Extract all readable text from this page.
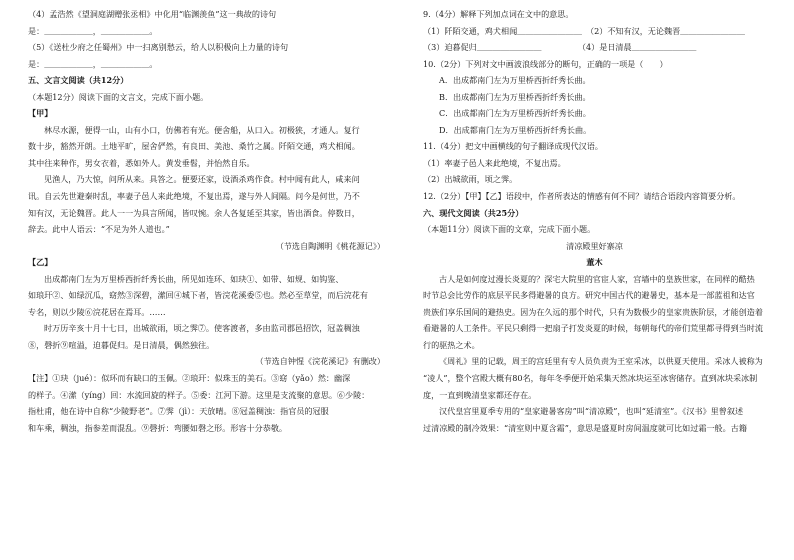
（4）孟浩然《望洞庭湖赠张丞相》中化用“临渊羡鱼”这一典故的诗句
是：＿＿＿＿＿＿，＿＿＿＿＿＿。
（5）《送杜少府之任蜀州》中一扫离别愁云，给人以积极向上力量的诗句
是：＿＿＿＿＿＿，＿＿＿＿＿＿。
五、文言文阅读（共12分）
（本题12分）阅读下面的文言文，完成下面小题。
【甲】
林尽水源，便得一山，山有小口，仿佛若有光。便舍船，从口入。初极狭，才通人。复行
数十步，豁然开朗。土地平旷，屋舍俨然，有良田、美池、桑竹之属。阡陌交通，鸡犬相闻。
其中往来种作，男女衣着，悉如外人。黄发垂髫，并怡然自乐。
见渔人，乃大惊，问所从来。具答之。便要还家，设酒杀鸡作食。村中闻有此人，咸来问
讯。自云先世避秦时乱，率妻子邑人来此绝境，不复出焉，遂与外人间隔。问今是何世，乃不
知有汉，无论魏晋。此人一一为具言所闻，皆叹惋。余人各复延至其家，皆出酒食。停数日，
辞去。此中人语云：“不足为外人道也。”
（节选自陶渊明《桃花源记》）
【乙】
出成都南门左为万里桥西折纤秀长曲，所见如连环、如玦①、如带、如规、如钩鉴、
如琅玕②、如绿沉瓜，窈然③深碧，潆回④城下者，皆浣花溪委⑤也。然必至草堂，而后浣花有
专名，则以少陵⑥浣花居在焉耳。……
时万历辛亥十月十七日，出城欲雨，顷之霁⑦。使客渡者，多由监司郡邑招饮，冠盖稠浊
⑧，磬折⑨喧溢，迫暮促归。是日清晨，偶然独往。
（节选自钟惺《浣花溪记》有删改）
【注】①玦（jué）：似环而有缺口的玉佩。②琅玕：似珠玉的美石。③窈（yǎo）然：幽深
的样子。④潆（yíng）回：水流回旋的样子。⑤委：江河下游。这里是支流聚的意思。⑥少陵：
指杜甫，他在诗中自称“少陵野老”。⑦霁（jì）：天放晴。⑧冠盖稠浊：指官员的冠服
和车乘，稠浊，指参差而混乱。⑨磬折：弯腰如磬之形。形容十分恭敬。
9.（4分）解释下列加点词在文中的意思。
（1）阡陌交通，鸡犬相闻＿＿＿＿＿＿＿＿　（2）不知有汉，无论魏晋＿＿＿＿＿＿＿＿
（3）迫暮促归＿＿＿＿＿＿＿＿　　　　　（4）是日清晨＿＿＿＿＿＿＿＿
10.（2分）下列对文中画波浪线部分的断句，正确的一项是（　　）
A．出成都南门左为万里桥西折纤秀长曲。
B．出成都南门左为万里桥西折纤秀长曲。
C．出成都南门左为万里桥西折纤秀长曲。
D．出成都南门左为万里桥西折纤秀长曲。
11.（4分）把文中画横线的句子翻译成现代汉语。
（1）率妻子邑人来此绝境，不复出焉。
（2）出城欲雨，顷之霁。
12.（2分）【甲】【乙】语段中，作者所表达的情感有何不同？请结合语段内容简要分析。
六、现代文阅读（共25分）
（本题11分）阅读下面的文章，完成下面小题。
清凉殿里好寨凉
董木
古人是如何度过漫长炎夏的？深宅大院里的官宦人家，宫墙中的皇族世家，在同样的酷热
时节总会比劳作的底层平民多得避暑的良方。研究中国古代的避暑史，基本是一部蓝祖和达官
贵族们享乐国间的避热史。因为在久远的那个时代，只有为数极少的皇家贵族阶层，才能创造着
看避暑的人工条件。平民只剩得一把扇子打发炎夏的时候，每朝每代的帝们荒里都寻得到当时流
行的驱热之术。
《周礼》里的记载，周王的宫廷里有专人员负责为王室采冰，以供夏天使用。采冰人被称为
“凌人”，整个宫殿大概有80名，每年冬季便开始采集天然冰块运至冰窖储存。直到冰块采冰制
度，一直到晚清皇家都还存在。
汉代皇宫里夏季专用的“皇家避暑客房”叫“清凉殿”，也叫“延清室”。《汉书》里曾叙述
过清凉殿的制冷效果：“清室则中夏含霜”，意思是盛夏时房间温度就可比如过霜一般。古籍
